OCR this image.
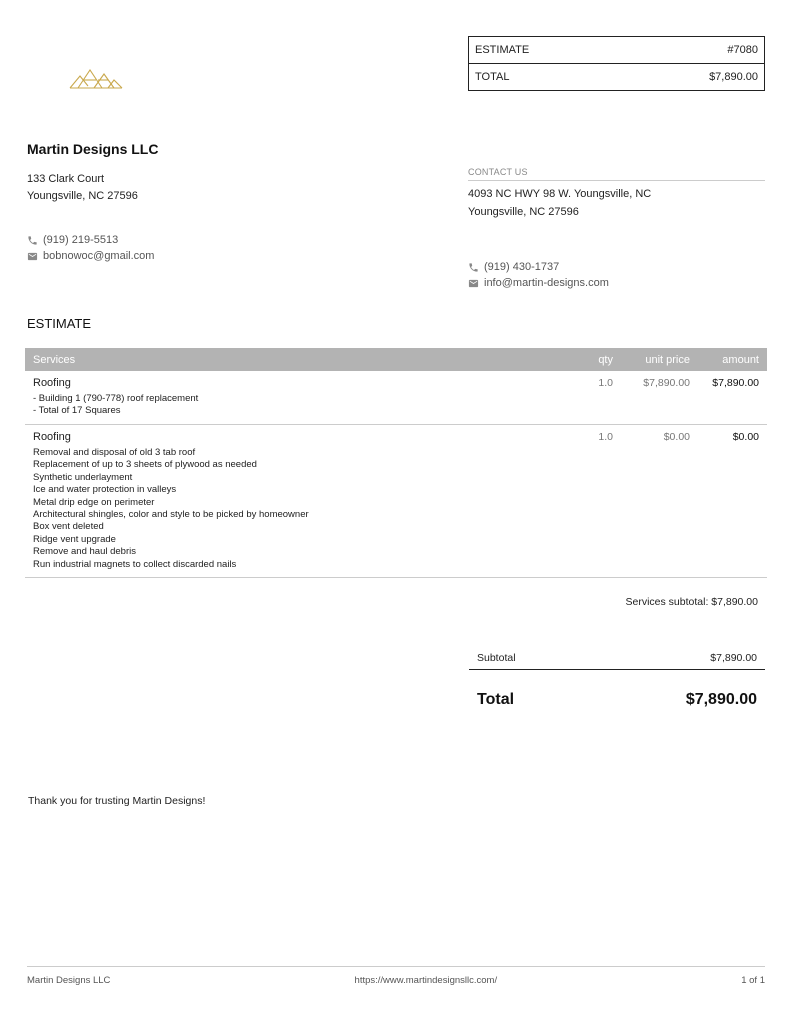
ESTIMATE	#7080
TOTAL	$7,890.00
Martin Designs LLC
133 Clark Court
Youngsville, NC 27596
(919) 219-5513
bobnowoc@gmail.com
CONTACT US
4093 NC HWY 98 W. Youngsville, NC
Youngsville, NC 27596
(919) 430-1737
info@martin-designs.com
ESTIMATE
Services	qty	unit price	amount
Roofing	1.0	$7,890.00	$7,890.00
- Building 1 (790-778) roof replacement
- Total of 17 Squares
Roofing	1.0	$0.00	$0.00
Removal and disposal of old 3 tab roof
Replacement of up to 3 sheets of plywood as needed
Synthetic underlayment
Ice and water protection in valleys
Metal drip edge on perimeter
Architectural shingles, color and style to be picked by homeowner
Box vent deleted
Ridge vent upgrade
Remove and haul debris
Run industrial magnets to collect discarded nails
Services subtotal: $7,890.00
Subtotal	$7,890.00
Total	$7,890.00
Thank you for trusting Martin Designs!
Martin Designs LLC	https://www.martindesignsllc.com/	1 of 1
